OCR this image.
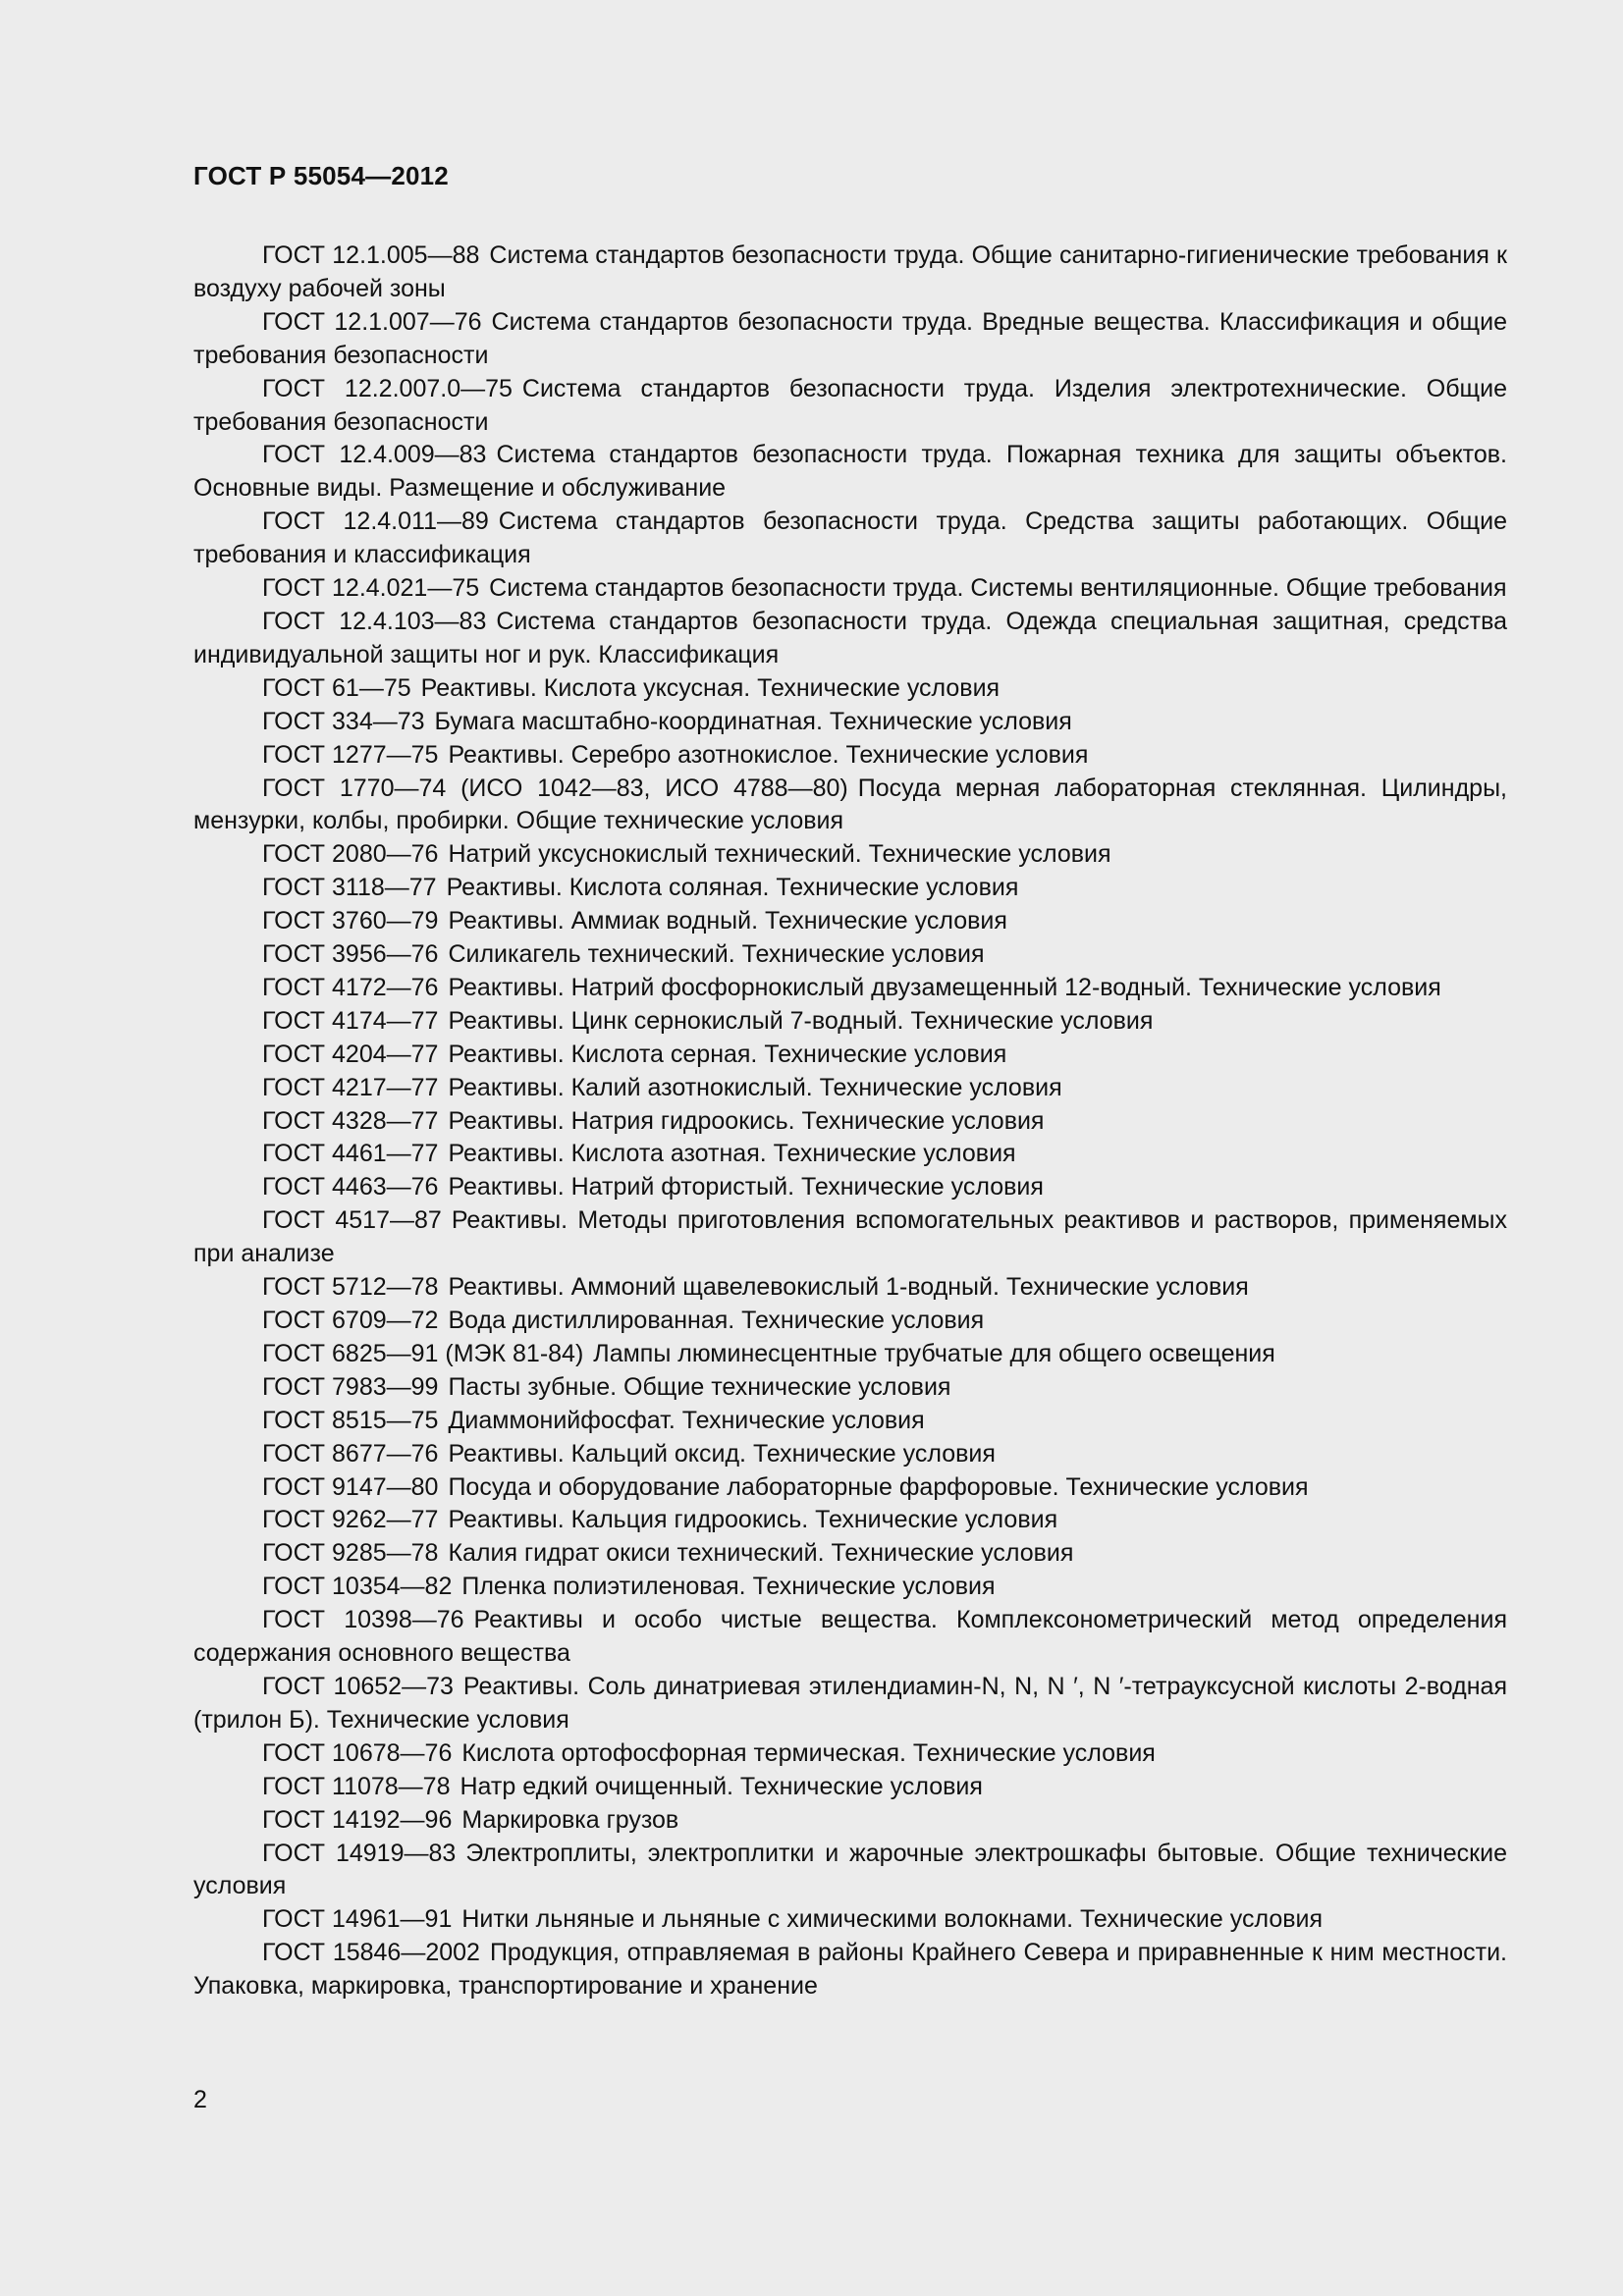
ГОСТ Р 55054—2012

ГОСТ 12.1.005—88 Система стандартов безопасности труда. Общие санитарно-гигиенические требования к воздуху рабочей зоны

ГОСТ 12.1.007—76 Система стандартов безопасности труда. Вредные вещества. Классификация и общие требования безопасности

ГОСТ 12.2.007.0—75 Система стандартов безопасности труда. Изделия электротехнические. Общие требования безопасности

ГОСТ 12.4.009—83 Система стандартов безопасности труда. Пожарная техника для защиты объектов. Основные виды. Размещение и обслуживание

ГОСТ 12.4.011—89 Система стандартов безопасности труда. Средства защиты работающих. Общие требования и классификация

ГОСТ 12.4.021—75 Система стандартов безопасности труда. Системы вентиляционные. Общие требования

ГОСТ 12.4.103—83 Система стандартов безопасности труда. Одежда специальная защитная, средства индивидуальной защиты ног и рук. Классификация

ГОСТ 61—75 Реактивы. Кислота уксусная. Технические условия

ГОСТ 334—73 Бумага масштабно-координатная. Технические условия

ГОСТ 1277—75 Реактивы. Серебро азотнокислое. Технические условия

ГОСТ 1770—74 (ИСО 1042—83, ИСО 4788—80) Посуда мерная лабораторная стеклянная. Цилиндры, мензурки, колбы, пробирки. Общие технические условия

ГОСТ 2080—76 Натрий уксуснокислый технический. Технические условия

ГОСТ 3118—77 Реактивы. Кислота соляная. Технические условия

ГОСТ 3760—79 Реактивы. Аммиак водный. Технические условия

ГОСТ 3956—76 Силикагель технический. Технические условия

ГОСТ 4172—76 Реактивы. Натрий фосфорнокислый двузамещенный 12-водный. Технические условия

ГОСТ 4174—77 Реактивы. Цинк сернокислый 7-водный. Технические условия

ГОСТ 4204—77 Реактивы. Кислота серная. Технические условия

ГОСТ 4217—77 Реактивы. Калий азотнокислый. Технические условия

ГОСТ 4328—77 Реактивы. Натрия гидроокись. Технические условия

ГОСТ 4461—77 Реактивы. Кислота азотная. Технические условия

ГОСТ 4463—76 Реактивы. Натрий фтористый. Технические условия

ГОСТ 4517—87 Реактивы. Методы приготовления вспомогательных реактивов и растворов, применяемых при анализе

ГОСТ 5712—78 Реактивы. Аммоний щавелевокислый 1-водный. Технические условия

ГОСТ 6709—72 Вода дистиллированная. Технические условия

ГОСТ 6825—91 (МЭК 81-84) Лампы люминесцентные трубчатые для общего освещения

ГОСТ 7983—99 Пасты зубные. Общие технические условия

ГОСТ 8515—75 Диаммонийфосфат. Технические условия

ГОСТ 8677—76 Реактивы. Кальций оксид. Технические условия

ГОСТ 9147—80 Посуда и оборудование лабораторные фарфоровые. Технические условия

ГОСТ 9262—77 Реактивы. Кальция гидроокись. Технические условия

ГОСТ 9285—78 Калия гидрат окиси технический. Технические условия

ГОСТ 10354—82 Пленка полиэтиленовая. Технические условия

ГОСТ 10398—76 Реактивы и особо чистые вещества. Комплексонометрический метод определения содержания основного вещества

ГОСТ 10652—73 Реактивы. Соль динатриевая этилендиамин-N, N, N ′, N ′-тетрауксусной кислоты 2-водная (трилон Б). Технические условия

ГОСТ 10678—76 Кислота ортофосфорная термическая. Технические условия

ГОСТ 11078—78 Натр едкий очищенный. Технические условия

ГОСТ 14192—96 Маркировка грузов

ГОСТ 14919—83 Электроплиты, электроплитки и жарочные электрошкафы бытовые. Общие технические условия

ГОСТ 14961—91 Нитки льняные и льняные с химическими волокнами. Технические условия

ГОСТ 15846—2002 Продукция, отправляемая в районы Крайнего Севера и приравненные к ним местности. Упаковка, маркировка, транспортирование и хранение

2
